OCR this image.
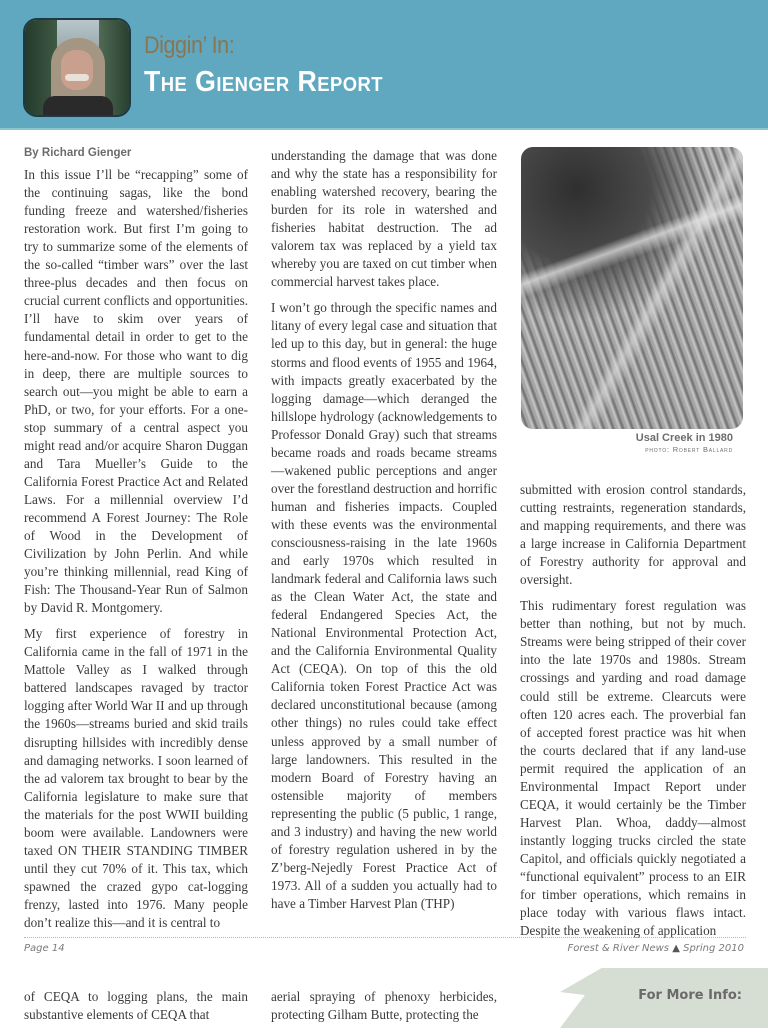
Diggin’ In:
The Gienger Report
By Richard Gienger

In this issue I’ll be “recapping” some of the continuing sagas, like the bond funding freeze and watershed/fisheries restoration work. But first I’m going to try to summarize some of the elements of the so-called “timber wars” over the last three-plus decades and then focus on crucial current conflicts and opportunities. I’ll have to skim over years of fundamental detail in order to get to the here-and-now. For those who want to dig in deep, there are multiple sources to search out—you might be able to earn a PhD, or two, for your efforts. For a one-stop summary of a central aspect you might read and/or acquire Sharon Duggan and Tara Mueller’s Guide to the California Forest Practice Act and Related Laws. For a millennial overview I’d recommend A Forest Journey: The Role of Wood in the Development of Civilization by John Perlin. And while you’re thinking millennial, read King of Fish: The Thousand-Year Run of Salmon by David R. Montgomery.

My first experience of forestry in California came in the fall of 1971 in the Mattole Valley as I walked through battered landscapes ravaged by tractor logging after World War II and up through the 1960s—streams buried and skid trails disrupting hillsides with incredibly dense and damaging networks. I soon learned of the ad valorem tax brought to bear by the California legislature to make sure that the materials for the post WWII building boom were available. Landowners were taxed ON THEIR STANDING TIMBER until they cut 70% of it. This tax, which spawned the crazed gypo cat-logging frenzy, lasted into 1976. Many people don’t realize this—and it is central to

understanding the damage that was done and why the state has a responsibility for enabling watershed recovery, bearing the burden for its role in watershed and fisheries habitat destruction. The ad valorem tax was replaced by a yield tax whereby you are taxed on cut timber when commercial harvest takes place.

I won’t go through the specific names and litany of every legal case and situation that led up to this day, but in general: the huge storms and flood events of 1955 and 1964, with impacts greatly exacerbated by the logging damage—which deranged the hillslope hydrology (acknowledgements to Professor Donald Gray) such that streams became roads and roads became streams—wakened public perceptions and anger over the forestland destruction and horrific human and fisheries impacts. Coupled with these events was the environmental consciousness-raising in the late 1960s and early 1970s which resulted in landmark federal and California laws such as the Clean Water Act, the state and federal Endangered Species Act, the National Environmental Protection Act, and the California Environmental Quality Act (CEQA). On top of this the old California token Forest Practice Act was declared unconstitutional because (among other things) no rules could take effect unless approved by a small number of large landowners. This resulted in the modern Board of Forestry having an ostensible majority of members representing the public (5 public, 1 range, and 3 industry) and having the new world of forestry regulation ushered in by the Z’berg-Nejedly Forest Practice Act of 1973. All of a sudden you actually had to have a Timber Harvest Plan (THP)

Usal Creek in 1980
photo: Robert Ballard

submitted with erosion control standards, cutting restraints, regeneration standards, and mapping requirements, and there was a large increase in California Department of Forestry authority for approval and oversight.

This rudimentary forest regulation was better than nothing, but not by much. Streams were being stripped of their cover into the late 1970s and 1980s. Stream crossings and yarding and road damage could still be extreme. Clearcuts were often 120 acres each. The proverbial fan of accepted forest practice was hit when the courts declared that if any land-use permit required the application of an Environmental Impact Report under CEQA, it would certainly be the Timber Harvest Plan. Whoa, daddy—almost instantly logging trucks circled the state Capitol, and officials quickly negotiated a “functional equivalent” process to an EIR for timber operations, which remains in place today with various flaws intact. Despite the weakening of application

Page 14	Forest & River News ▲ Spring 2010

of CEQA to logging plans, the main substantive elements of CEQA that

aerial spraying of phenoxy herbicides, protecting Gilham Butte, protecting the

For More Info:
